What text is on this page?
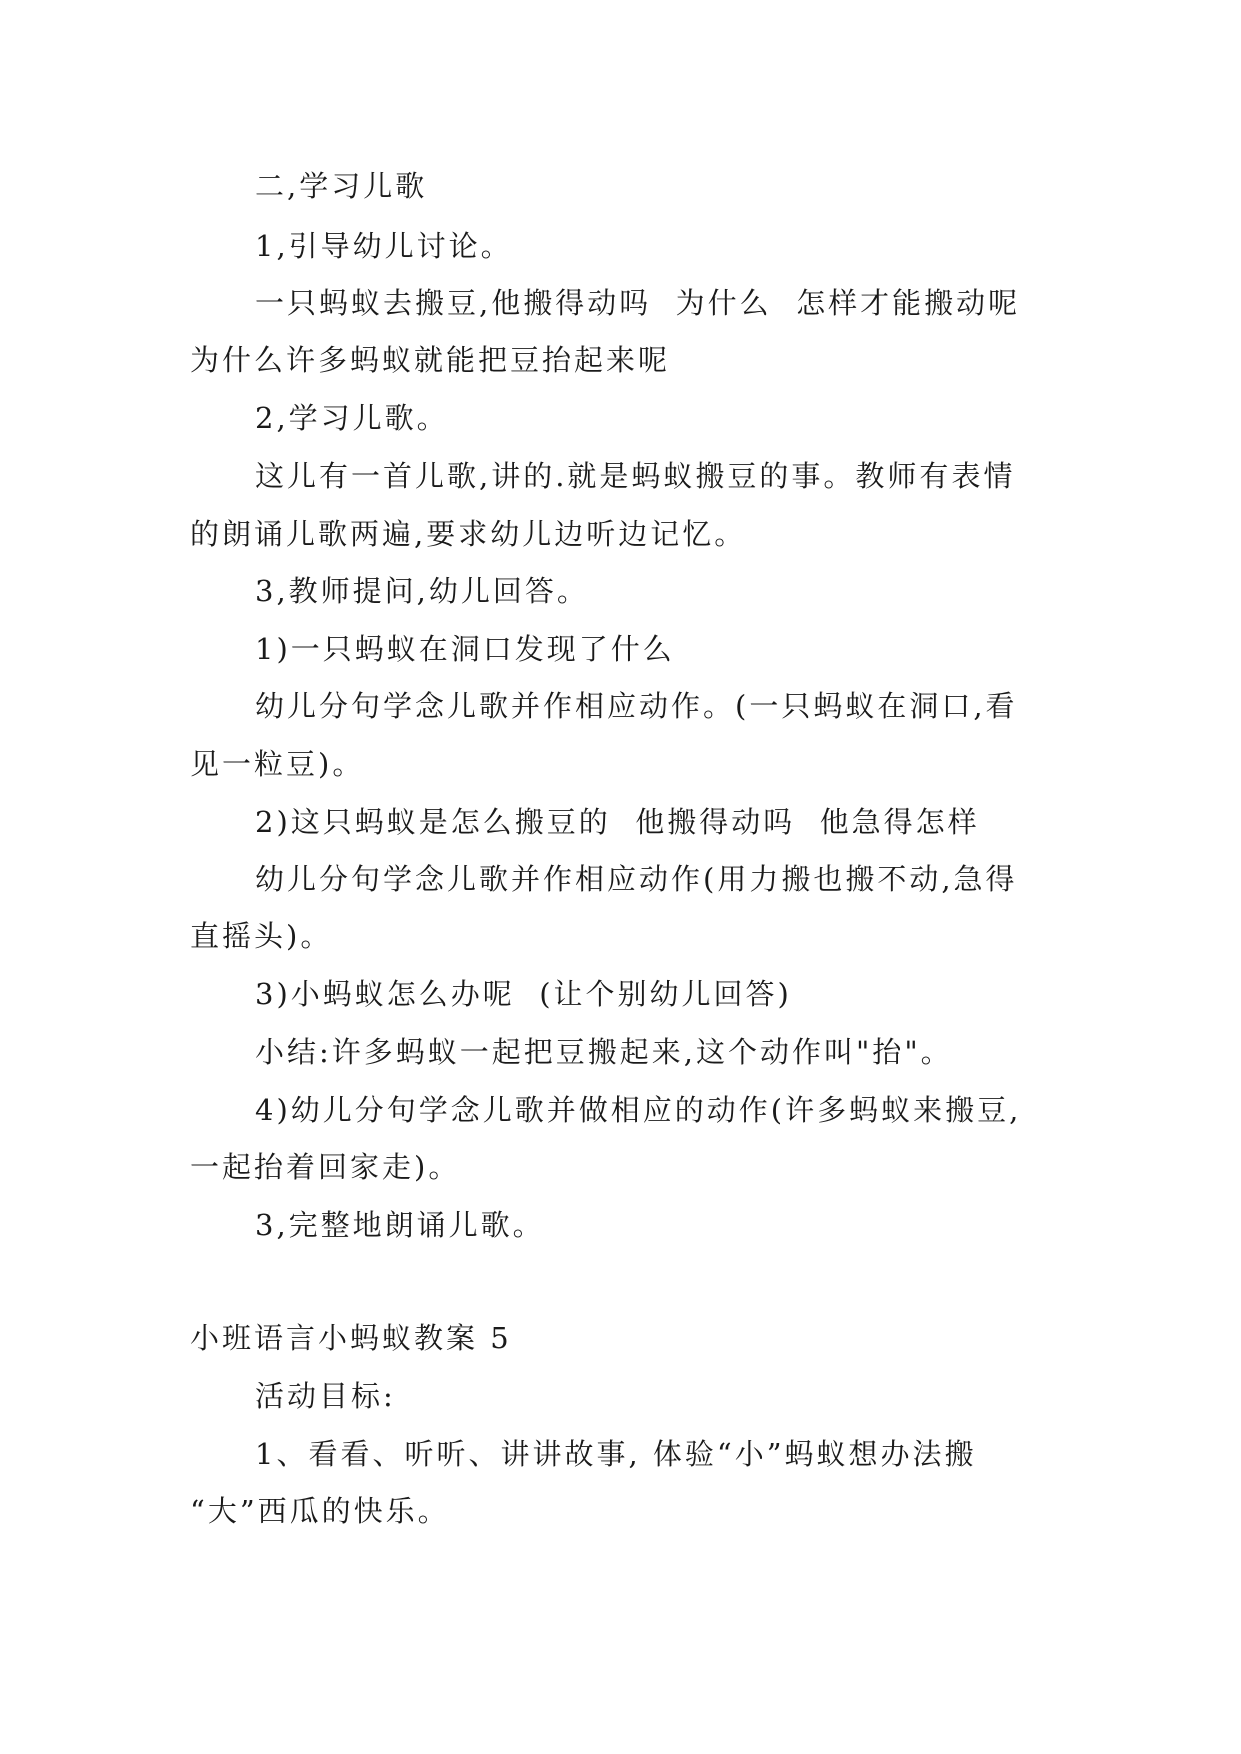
二,学习儿歌
1,引导幼儿讨论。
一只蚂蚁去搬豆,他搬得动吗  为什么  怎样才能搬动呢
为什么许多蚂蚁就能把豆抬起来呢
2,学习儿歌。
这儿有一首儿歌,讲的.就是蚂蚁搬豆的事。教师有表情
的朗诵儿歌两遍,要求幼儿边听边记忆。
3,教师提问,幼儿回答。
1)一只蚂蚁在洞口发现了什么
幼儿分句学念儿歌并作相应动作。(一只蚂蚁在洞口,看
见一粒豆)。
2)这只蚂蚁是怎么搬豆的  他搬得动吗  他急得怎样
幼儿分句学念儿歌并作相应动作(用力搬也搬不动,急得
直摇头)。
3)小蚂蚁怎么办呢  (让个别幼儿回答)
小结:许多蚂蚁一起把豆搬起来,这个动作叫"抬"。
4)幼儿分句学念儿歌并做相应的动作(许多蚂蚁来搬豆,
一起抬着回家走)。
3,完整地朗诵儿歌。
小班语言小蚂蚁教案 5
活动目标:
1、看看、听听、讲讲故事, 体验“小”蚂蚁想办法搬
“大”西瓜的快乐。
